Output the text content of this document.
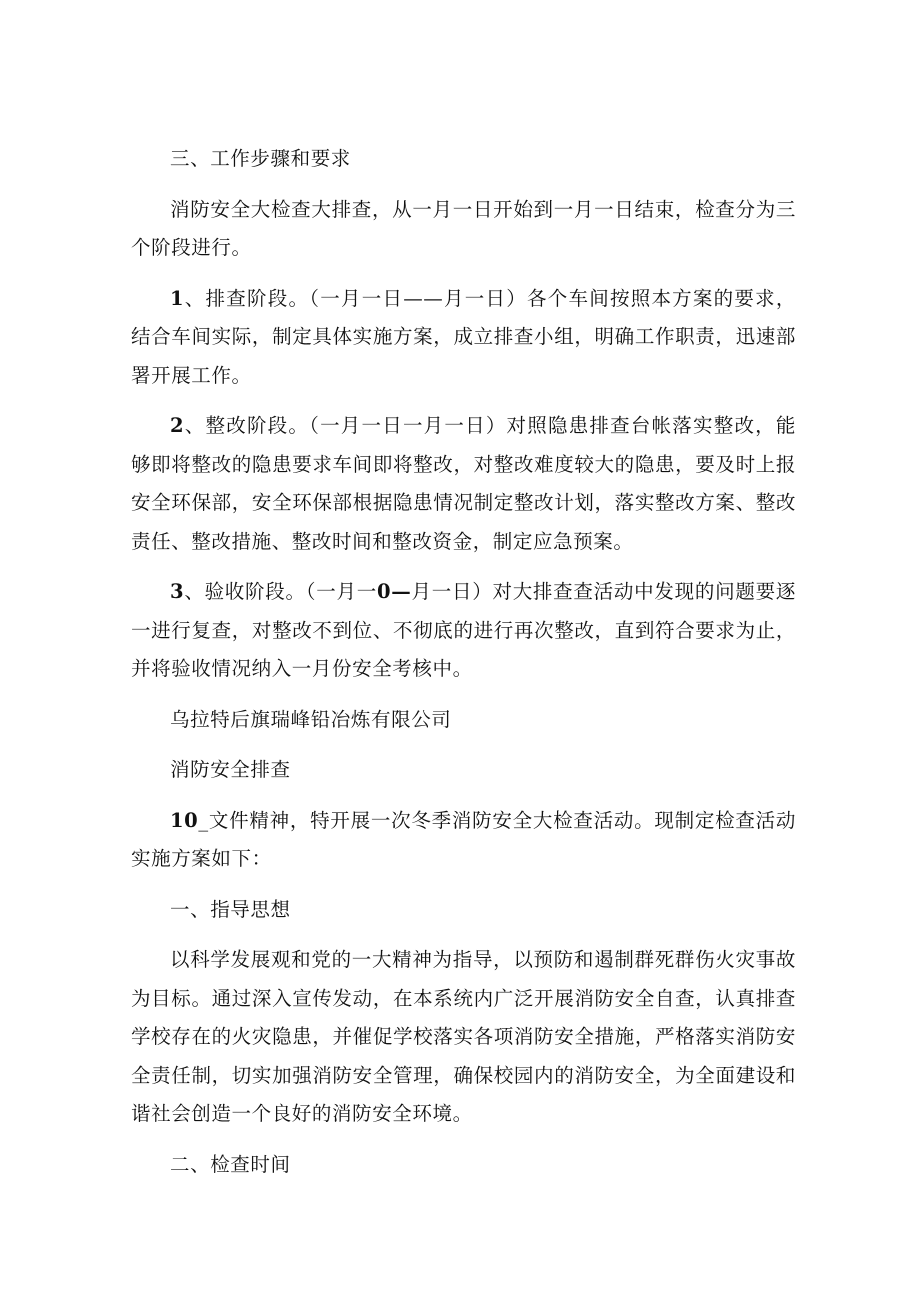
三、工作步骤和要求

消防安全大检查大排查，从一月一日开始到一月一日结束，检查分为三个阶段进行。

1、排查阶段。（一月一日——月一日）各个车间按照本方案的要求，结合车间实际，制定具体实施方案，成立排查小组，明确工作职责，迅速部署开展工作。

2、整改阶段。（一月一日一月一日）对照隐患排查台帐落实整改，能够即将整改的隐患要求车间即将整改，对整改难度较大的隐患，要及时上报安全环保部，安全环保部根据隐患情况制定整改计划，落实整改方案、整改责任、整改措施、整改时间和整改资金，制定应急预案。

3、验收阶段。（一月一0—月一日）对大排查查活动中发现的问题要逐一进行复查，对整改不到位、不彻底的进行再次整改，直到符合要求为止，并将验收情况纳入一月份安全考核中。

乌拉特后旗瑞峰铅冶炼有限公司

消防安全排查

10_文件精神，特开展一次冬季消防安全大检查活动。现制定检查活动实施方案如下：

一、指导思想

以科学发展观和党的一大精神为指导，以预防和遏制群死群伤火灾事故为目标。通过深入宣传发动，在本系统内广泛开展消防安全自查，认真排查学校存在的火灾隐患，并催促学校落实各项消防安全措施，严格落实消防安全责任制，切实加强消防安全管理，确保校园内的消防安全，为全面建设和谐社会创造一个良好的消防安全环境。

二、检查时间
